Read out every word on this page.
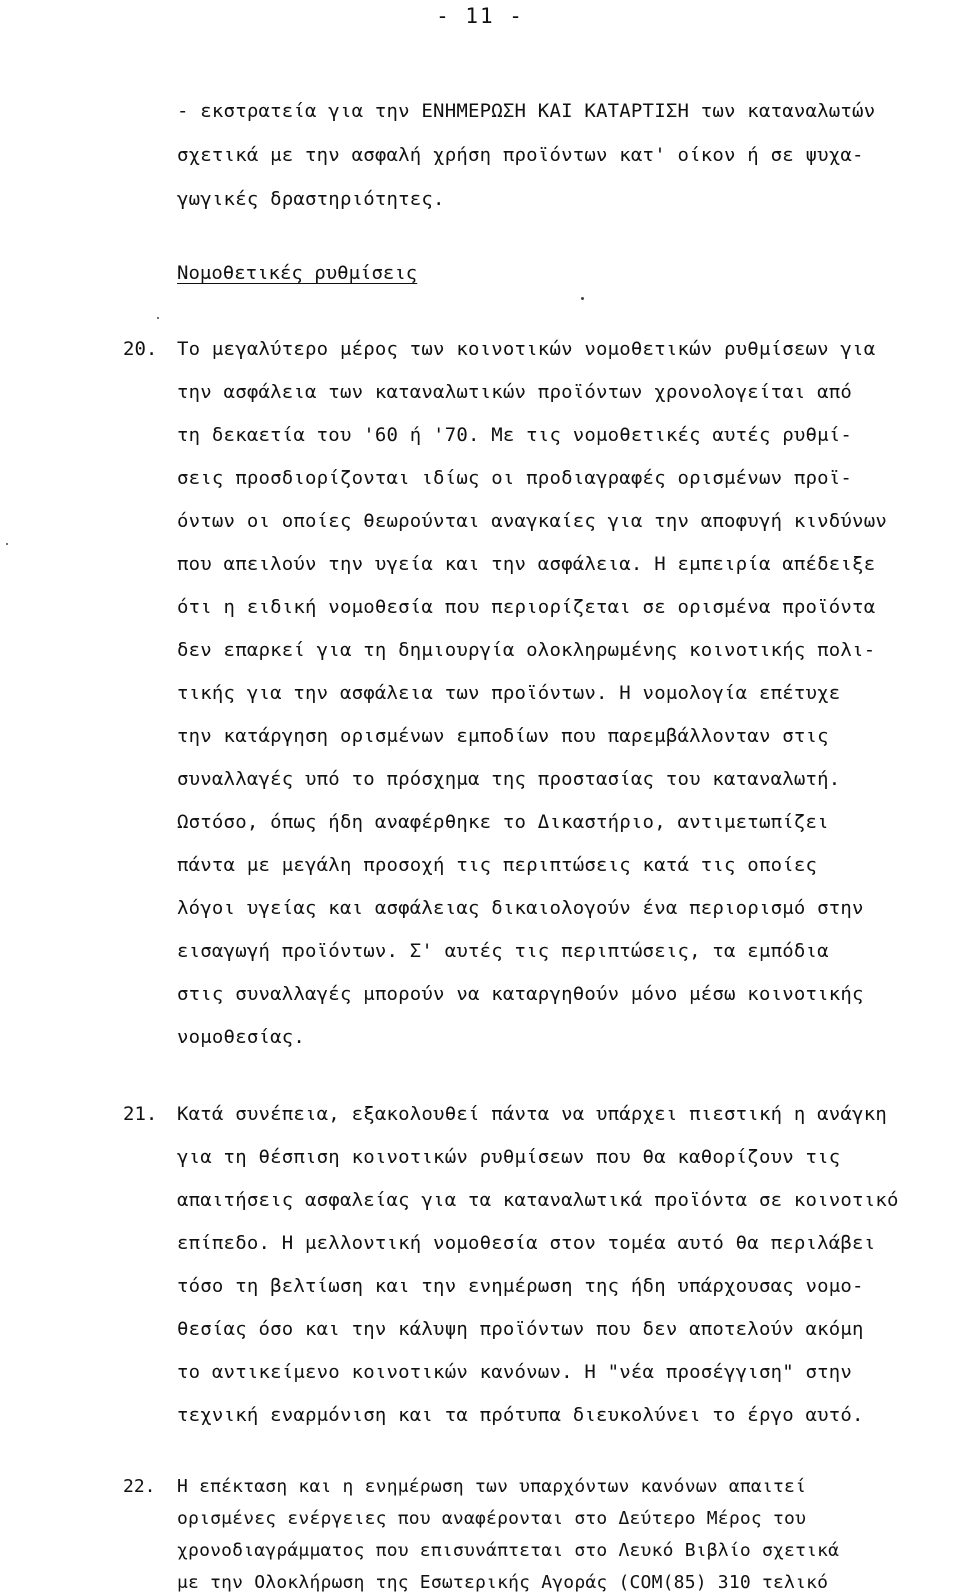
- 11 -
- εκστρατεία για την ΕΝΗΜΕΡΩΣΗ ΚΑΙ ΚΑΤΑΡΤΙΣΗ των καταναλωτών
σχετικά με την ασφαλή χρήση προϊόντων κατ' οίκον ή σε ψυχα-
γωγικές δραστηριότητες.
Νομοθετικές ρυθμίσεις
20. Το μεγαλύτερο μέρος των κοινοτικών νομοθετικών ρυθμίσεων για
την ασφάλεια των καταναλωτικών προϊόντων χρονολογείται από
τη δεκαετία του '60 ή '70. Με τις νομοθετικές αυτές ρυθμί-
σεις προσδιορίζονται ιδίως οι προδιαγραφές ορισμένων προϊ-
όντων οι οποίες θεωρούνται αναγκαίες για την αποφυγή κινδύνων
που απειλούν την υγεία και την ασφάλεια. Η εμπειρία απέδειξε
ότι η ειδική νομοθεσία που περιορίζεται σε ορισμένα προϊόντα
δεν επαρκεί για τη δημιουργία ολοκληρωμένης κοινοτικής πολι-
τικής για την ασφάλεια των προϊόντων. Η νομολογία επέτυχε
την κατάργηση ορισμένων εμποδίων που παρεμβάλλονταν στις
συναλλαγές υπό το πρόσχημα της προστασίας του καταναλωτή.
Ωστόσο, όπως ήδη αναφέρθηκε το Δικαστήριο, αντιμετωπίζει
πάντα με μεγάλη προσοχή τις περιπτώσεις κατά τις οποίες
λόγοι υγείας και ασφάλειας δικαιολογούν ένα περιορισμό στην
εισαγωγή προϊόντων. Σ' αυτές τις περιπτώσεις, τα εμπόδια
στις συναλλαγές μπορούν να καταργηθούν μόνο μέσω κοινοτικής
νομοθεσίας.
21. Κατά συνέπεια, εξακολουθεί πάντα να υπάρχει πιεστική η ανάγκη
για τη θέσπιση κοινοτικών ρυθμίσεων που θα καθορίζουν τις
απαιτήσεις ασφαλείας για τα καταναλωτικά προϊόντα σε κοινοτικό
επίπεδο. Η μελλοντική νομοθεσία στον τομέα αυτό θα περιλάβει
τόσο τη βελτίωση και την ενημέρωση της ήδη υπάρχουσας νομο-
θεσίας όσο και την κάλυψη προϊόντων που δεν αποτελούν ακόμη
το αντικείμενο κοινοτικών κανόνων. Η "νέα προσέγγιση" στην
τεχνική εναρμόνιση και τα πρότυπα διευκολύνει το έργο αυτό.
22. Η επέκταση και η ενημέρωση των υπαρχόντων κανόνων απαιτεί
ορισμένες ενέργειες που αναφέρονται στο Δεύτερο Μέρος του
χρονοδιαγράμματος που επισυνάπτεται στο Λευκό Βιβλίο σχετικά
με την Ολοκλήρωση της Εσωτερικής Αγοράς (COM(85) 310 τελικό
